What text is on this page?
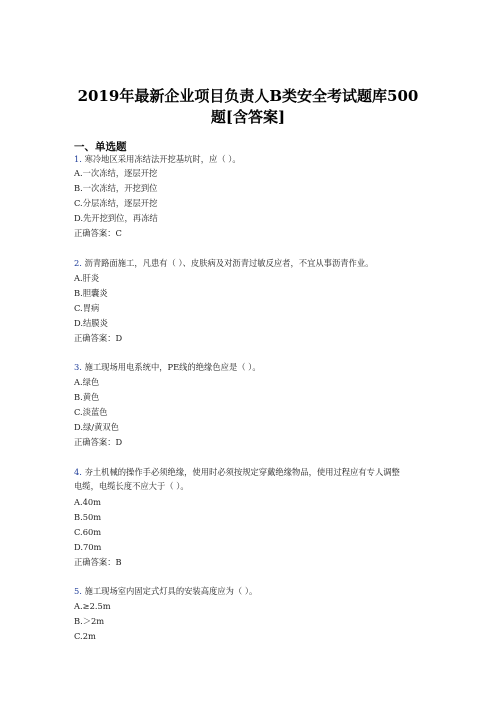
2019年最新企业项目负责人B类安全考试题库500
题[含答案]
一、单选题
1. 寒冷地区采用冻结法开挖基坑时，应（ ）。
A.一次冻结，逐层开挖
B.一次冻结，开挖到位
C.分层冻结，逐层开挖
D.先开挖到位，再冻结
正确答案：C
2. 沥青路面施工，凡患有（ ）、皮肤病及对沥青过敏反应者，不宜从事沥青作业。
A.肝炎
B.胆囊炎
C.胃病
D.结膜炎
正确答案：D
3. 施工现场用电系统中，PE线的绝缘色应是（ ）。
A.绿色
B.黄色
C.淡蓝色
D.绿/黄双色
正确答案：D
4. 夯土机械的操作手必须绝缘，使用时必须按规定穿戴绝缘物品，使用过程应有专人调整
电缆，电缆长度不应大于（ ）。
A.40m
B.50m
C.60m
D.70m
正确答案：B
5. 施工现场室内固定式灯具的安装高度应为（ ）。
A.≥2.5m
B.＞2m
C.2m
